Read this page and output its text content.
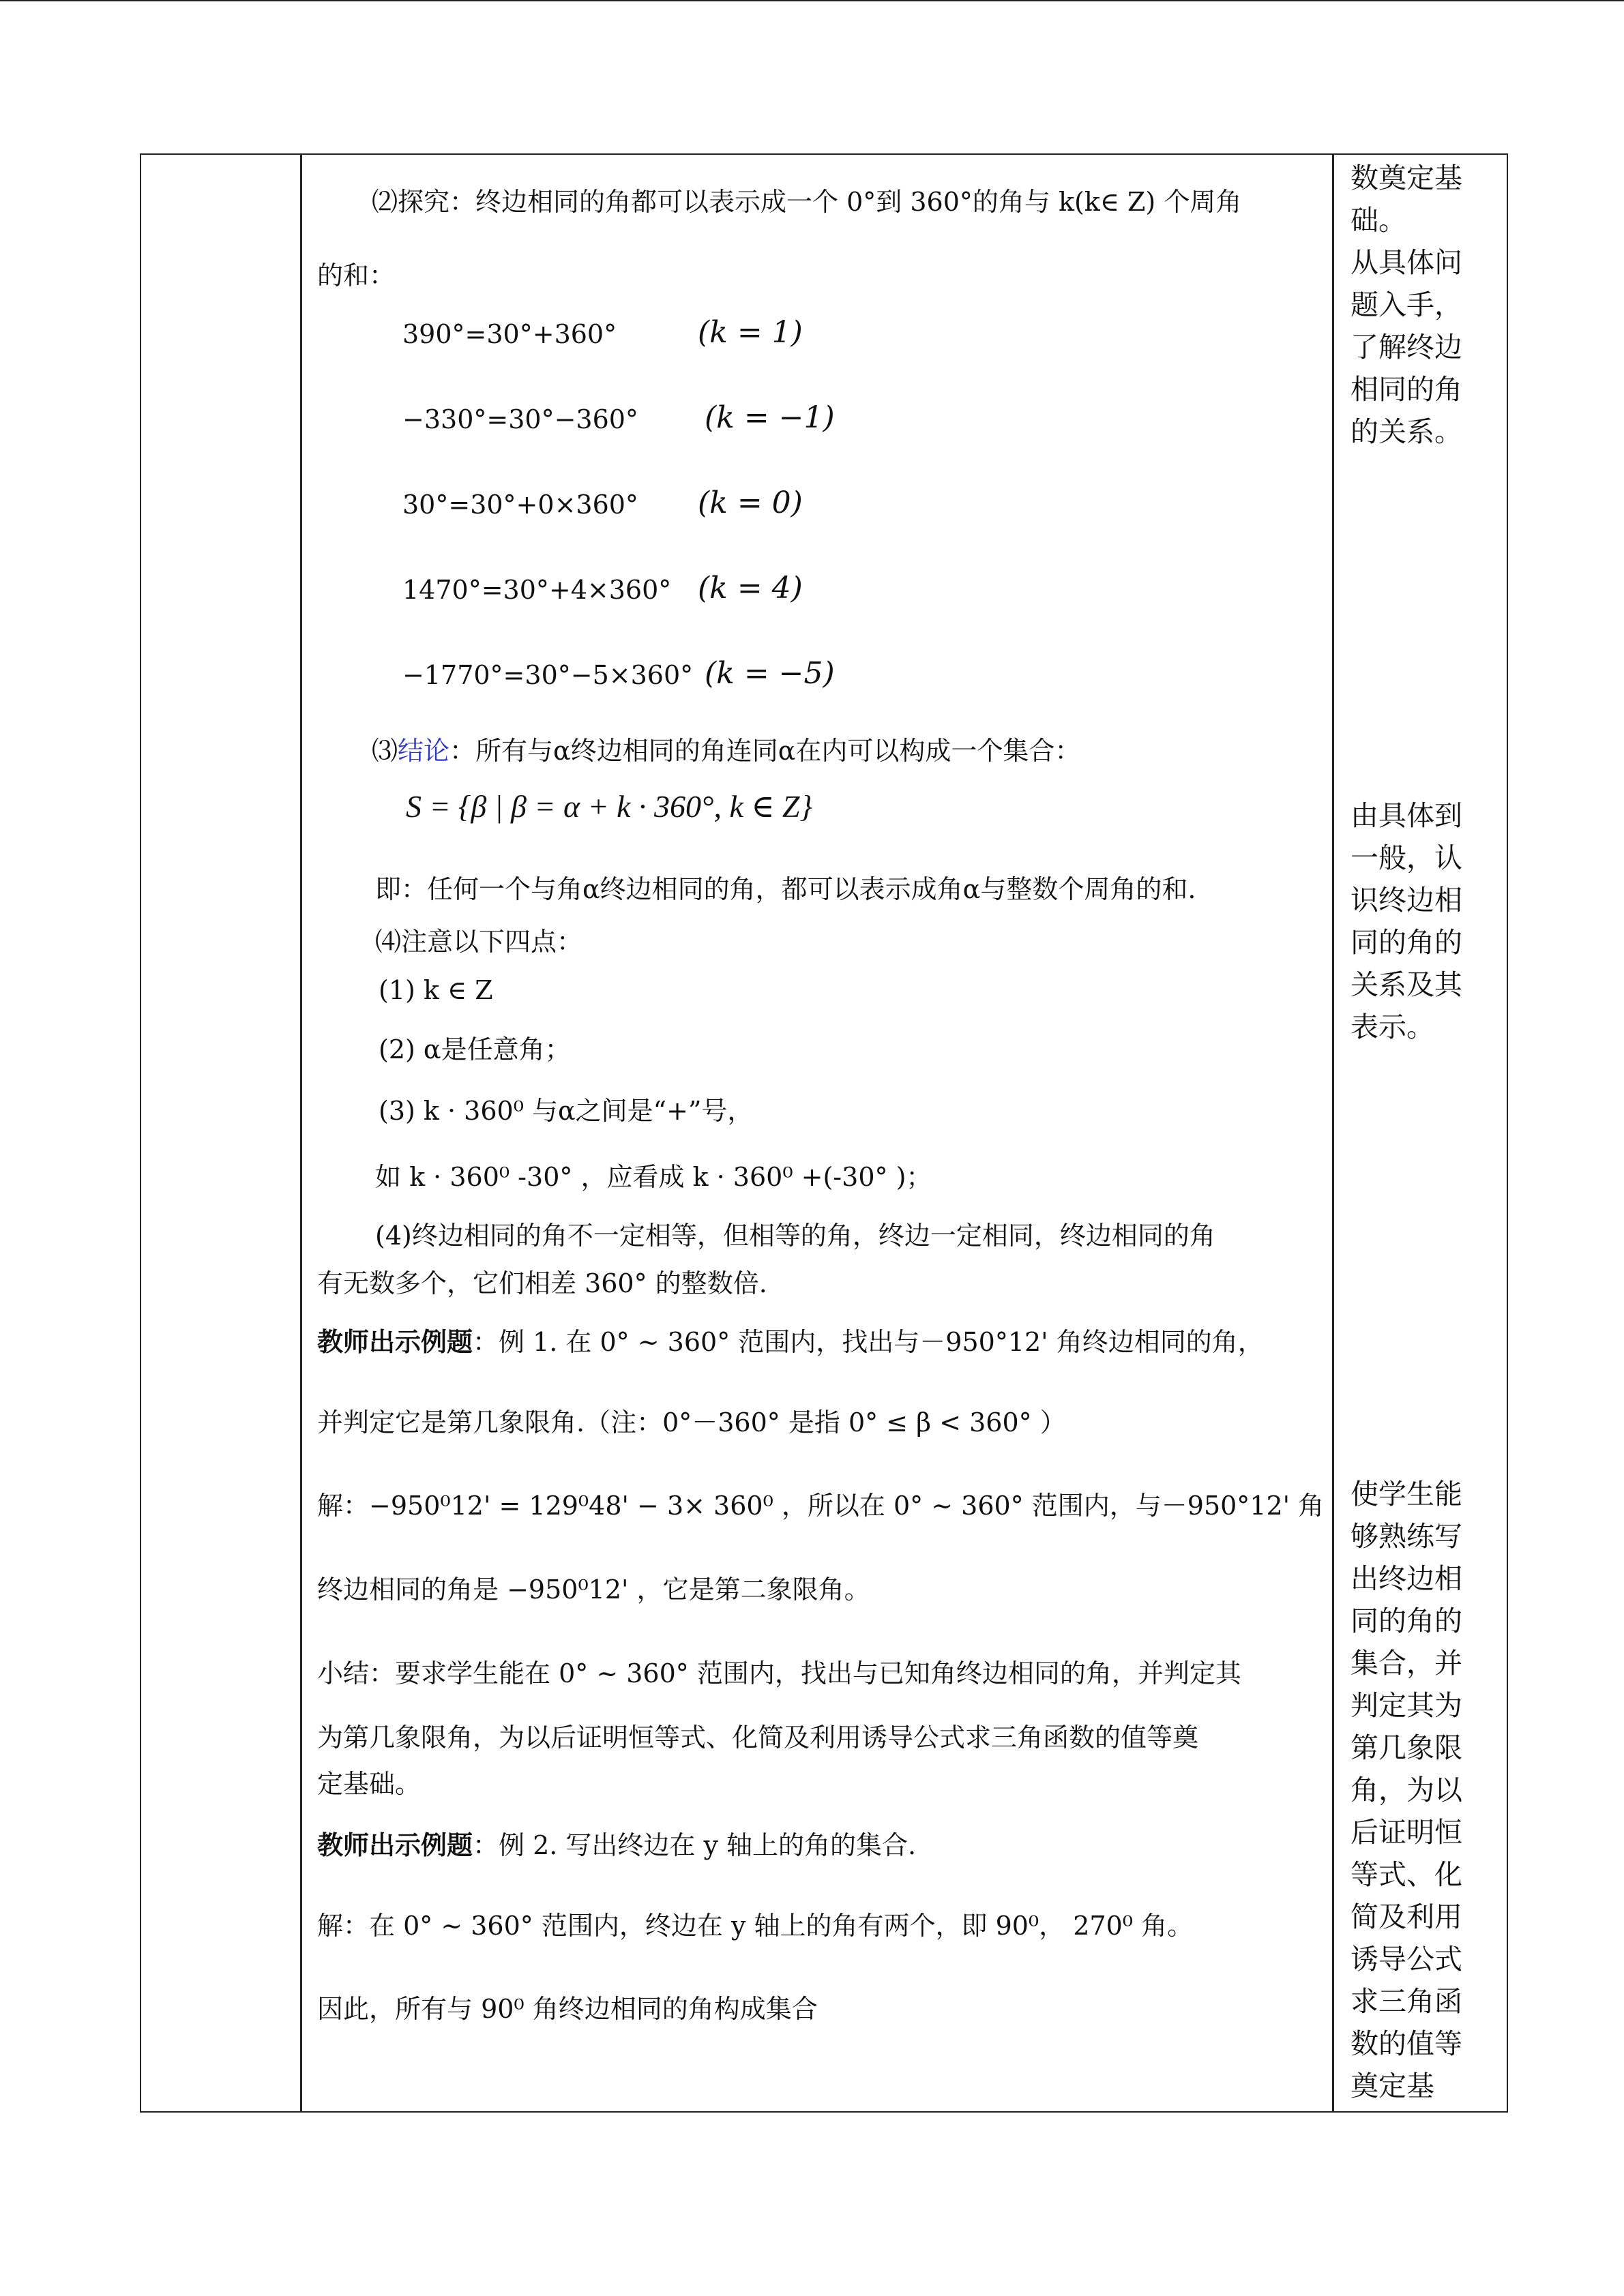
⑵探究：终边相同的角都可以表示成一个 0°到 360°的角与 k(k∈ Z) 个周角
的和：
390°=30°+360°	(k = 1)
−330°=30°−360° (k = −1)
30°=30°+0×360° (k = 0)
1470°=30°+4×360° (k = 4)
−1770°=30°−5×360° (k = −5)
⑶结论：所有与α终边相同的角连同α在内可以构成一个集合：
S = {β | β = α + k · 360°, k ∈ Z}
即：任何一个与角α终边相同的角，都可以表示成角α与整数个周角的和.
⑷注意以下四点：
(1) k ∈ Z
(2) α是任意角；
(3) k · 360⁰ 与α之间是“+”号，
如 k · 360⁰ -30° ，应看成 k · 360⁰ +(-30° )；
(4)终边相同的角不一定相等，但相等的角，终边一定相同，终边相同的角
有无数多个，它们相差 360° 的整数倍.
教师出示例题：例 1. 在 0° ~ 360° 范围内，找出与－950°12' 角终边相同的角，
并判定它是第几象限角.（注：0°－360° 是指 0° ≤ β < 360° ）
解：−950⁰12' = 129⁰48' − 3× 360⁰ ，所以在 0° ~ 360° 范围内，与－950°12' 角
终边相同的角是 −950⁰12' ，它是第二象限角。
小结：要求学生能在 0° ~ 360° 范围内，找出与已知角终边相同的角，并判定其
为第几象限角，为以后证明恒等式、化简及利用诱导公式求三角函数的值等奠
定基础。
教师出示例题：例 2. 写出终边在 y 轴上的角的集合.
解：在 0° ~ 360° 范围内，终边在 y 轴上的角有两个，即 90⁰， 270⁰ 角。
因此，所有与 90⁰ 角终边相同的角构成集合
数奠定基
础。
从具体问
题入手，
了解终边
相同的角
的关系。
由具体到
一般，认
识终边相
同的角的
关系及其
表示。
使学生能
够熟练写
出终边相
同的角的
集合，并
判定其为
第几象限
角，为以
后证明恒
等式、化
简及利用
诱导公式
求三角函
数的值等
奠定基
